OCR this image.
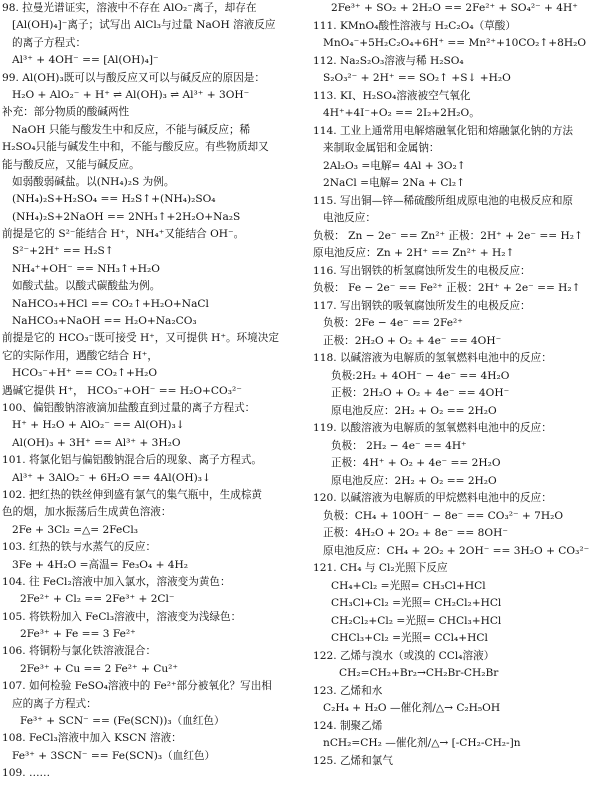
98. 拉曼光谱证实，溶液中不存在 AlO₂⁻离子，却存在
[Al(OH)₄]⁻离子；试写出 AlCl₃与过量 NaOH 溶液反应
的离子方程式：
Al³⁺ + 4OH⁻ == [Al(OH)₄]⁻
99. Al(OH)₃既可以与酸反应又可以与碱反应的原因是：
H₂O + AlO₂⁻ + H⁺ ⇌ Al(OH)₃ ⇌ Al³⁺ + 3OH⁻
补充：部分物质的酸碱两性
NaOH 只能与酸发生中和反应，不能与碱反应；稀
H₂SO₄只能与碱发生中和，不能与酸反应。有些物质却又
能与酸反应，又能与碱反应。
如弱酸弱碱盐。以(NH₄)₂S 为例。
(NH₄)₂S+H₂SO₄ == H₂S↑+(NH₄)₂SO₄
(NH₄)₂S+2NaOH == 2NH₃↑+2H₂O+Na₂S
前提是它的 S²⁻能结合 H⁺，NH₄⁺又能结合 OH⁻。
S²⁻+2H⁺ == H₂S↑
NH₄⁺+OH⁻ == NH₃↑+H₂O
如酸式盐。以酸式碳酸盐为例。
NaHCO₃+HCl == CO₂↑+H₂O+NaCl
NaHCO₃+NaOH == H₂O+Na₂CO₃
前提是它的 HCO₃⁻既可接受 H⁺，又可提供 H⁺。环境决定
它的实际作用，遇酸它结合 H⁺，
HCO₃⁻+H⁺ == CO₂↑+H₂O
遇碱它提供 H⁺， HCO₃⁻+OH⁻ == H₂O+CO₃²⁻
100、偏铝酸钠溶液滴加盐酸直到过量的离子方程式：
H⁺ + H₂O + AlO₂⁻ == Al(OH)₃↓
Al(OH)₃ + 3H⁺ == Al³⁺ + 3H₂O
101. 将氯化铝与偏铝酸钠混合后的现象、离子方程式。
Al³⁺ + 3AlO₂⁻ + 6H₂O == 4Al(OH)₃↓
102. 把红热的铁丝伸到盛有氯气的集气瓶中，生成棕黄
色的烟，加水振荡后生成黄色溶液：
2Fe + 3Cl₂ =△= 2FeCl₃
103. 红热的铁与水蒸气的反应：
3Fe + 4H₂O =高温= Fe₃O₄ + 4H₂
104. 往 FeCl₂溶液中加入氯水，溶液变为黄色：
2Fe²⁺ + Cl₂ == 2Fe³⁺ + 2Cl⁻
105. 将铁粉加入 FeCl₃溶液中，溶液变为浅绿色：
2Fe³⁺ + Fe == 3 Fe²⁺
106. 将铜粉与氯化铁溶液混合：
2Fe³⁺ + Cu == 2 Fe²⁺ + Cu²⁺
107. 如何检验 FeSO₄溶液中的 Fe²⁺部分被氧化？写出相
应的离子方程式：
Fe³⁺ + SCN⁻ == (Fe(SCN))₃（血红色）
108. FeCl₃溶液中加入 KSCN 溶液：
Fe³⁺ + 3SCN⁻ == Fe(SCN)₃（血红色）
109. ……
2Fe³⁺ + SO₂ + 2H₂O == 2Fe²⁺ + SO₄²⁻ + 4H⁺
111. KMnO₄酸性溶液与 H₂C₂O₄（草酸）
MnO₄⁻+5H₂C₂O₄+6H⁺ == Mn²⁺+10CO₂↑+8H₂O
112. Na₂S₂O₃溶液与稀 H₂SO₄
S₂O₃²⁻ + 2H⁺ == SO₂↑ +S↓ +H₂O
113. KI、H₂SO₄溶液被空气氧化
4H⁺+4I⁻+O₂ == 2I₂+2H₂O。
114. 工业上通常用电解熔融氧化铝和熔融氯化钠的方法
来制取金属铝和金属钠：
2Al₂O₃ =电解= 4Al + 3O₂↑
2NaCl =电解= 2Na + Cl₂↑
115. 写出铜—锌—稀硫酸所组成原电池的电极反应和原
电池反应：
负极： Zn − 2e⁻ == Zn²⁺ 正极：2H⁺ + 2e⁻ == H₂↑
原电池反应：Zn + 2H⁺ == Zn²⁺ + H₂↑
116. 写出钢铁的析氢腐蚀所发生的电极反应：
负极： Fe − 2e⁻ == Fe²⁺ 正极：2H⁺ + 2e⁻ == H₂↑
117. 写出钢铁的吸氧腐蚀所发生的电极反应：
负极：2Fe − 4e⁻ == 2Fe²⁺
正极：2H₂O + O₂ + 4e⁻ == 4OH⁻
118. 以碱溶液为电解质的氢氧燃料电池中的反应：
负极:2H₂ + 4OH⁻ − 4e⁻ == 4H₂O
正极：2H₂O + O₂ + 4e⁻ == 4OH⁻
原电池反应：2H₂ + O₂ == 2H₂O
119. 以酸溶液为电解质的氢氧燃料电池中的反应：
负极： 2H₂ − 4e⁻ == 4H⁺
正极：4H⁺ + O₂ + 4e⁻ == 2H₂O
原电池反应：2H₂ + O₂ == 2H₂O
120. 以碱溶液为电解质的甲烷燃料电池中的反应：
负极：CH₄ + 10OH⁻ − 8e⁻ == CO₃²⁻ + 7H₂O
正极：4H₂O + 2O₂ + 8e⁻ == 8OH⁻
原电池反应：CH₄ + 2O₂ + 2OH⁻ == 3H₂O + CO₃²⁻
121. CH₄ 与 Cl₂光照下反应
CH₄+Cl₂ =光照= CH₃Cl+HCl
CH₃Cl+Cl₂ =光照= CH₂Cl₂+HCl
CH₂Cl₂+Cl₂ =光照= CHCl₃+HCl
CHCl₃+Cl₂ =光照= CCl₄+HCl
122. 乙烯与溴水（或溴的 CCl₄溶液）
CH₂=CH₂+Br₂→CH₂Br-CH₂Br
123. 乙烯和水
C₂H₄ + H₂O —催化剂/△→ C₂H₅OH
124. 制聚乙烯
nCH₂=CH₂ —催化剂/△→ [-CH₂-CH₂-]n
125. 乙烯和氯气
